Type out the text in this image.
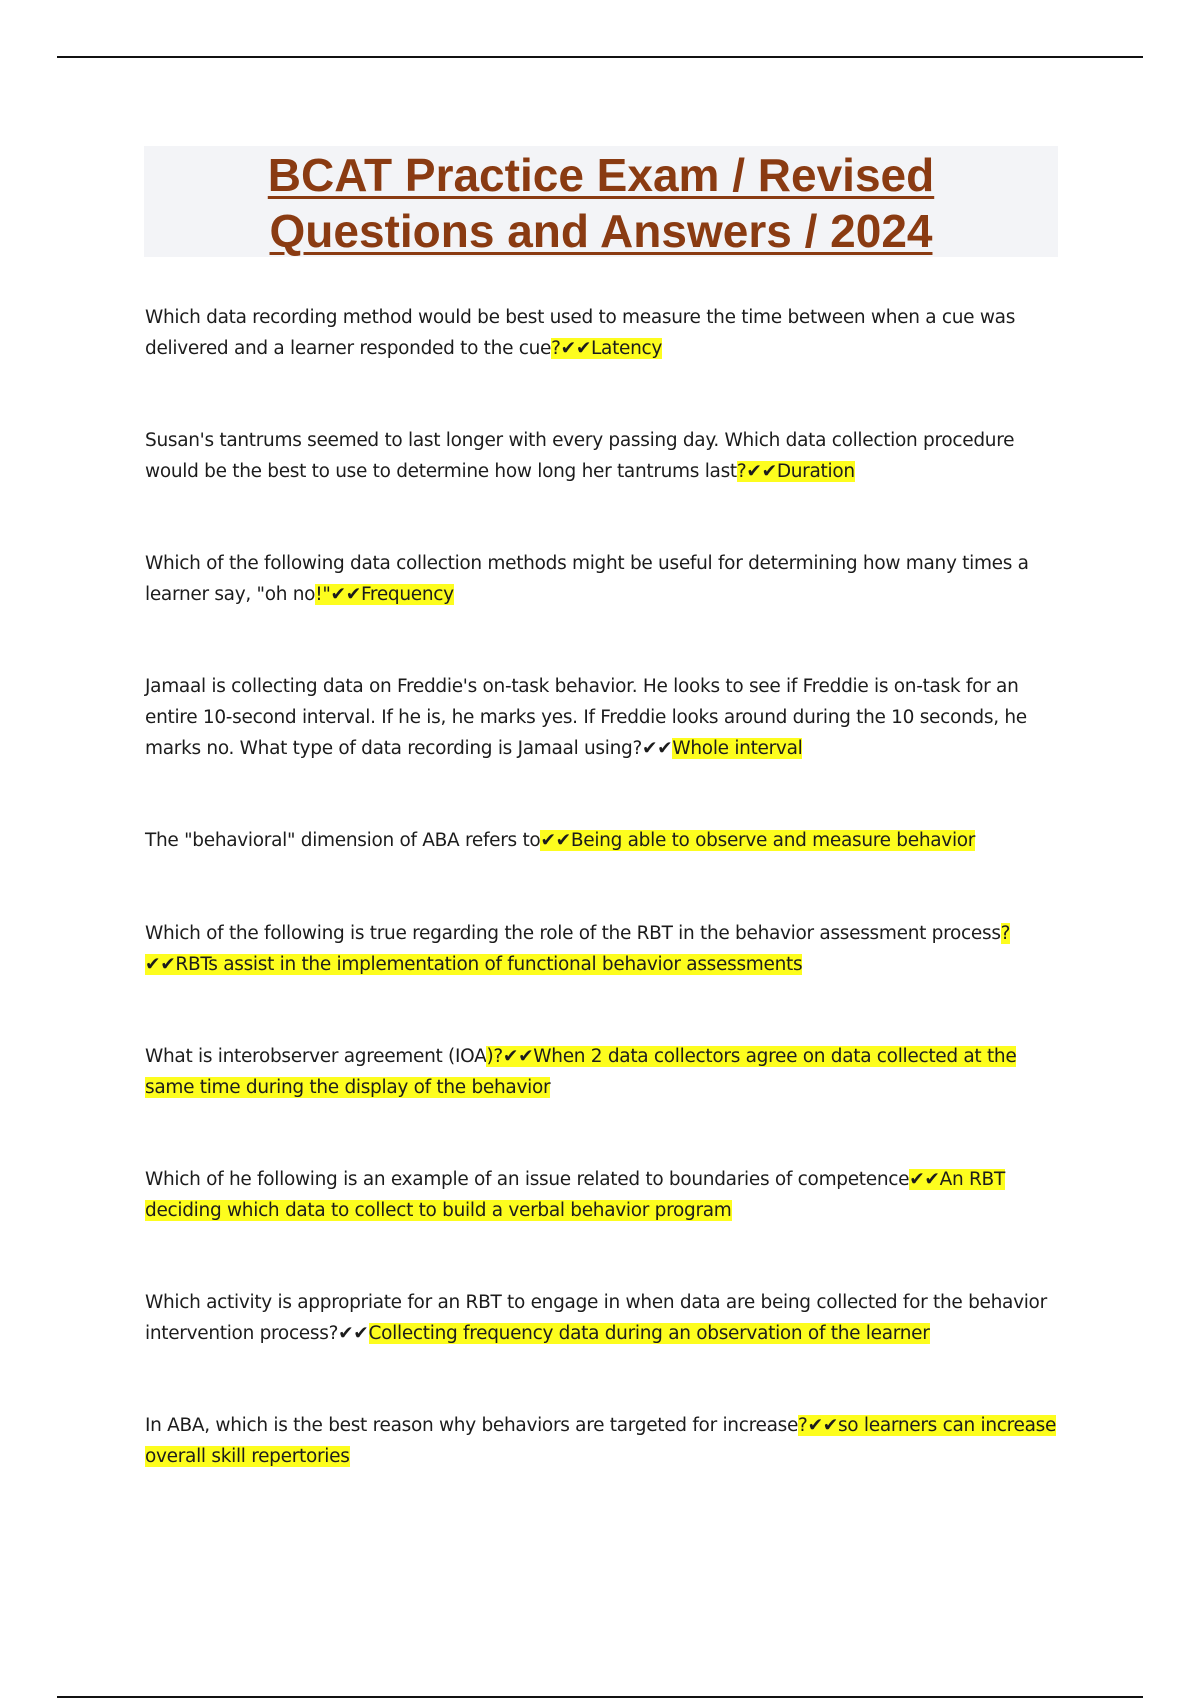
BCAT Practice Exam / Revised
Questions and Answers / 2024
Which data recording method would be best used to measure the time between when a cue was delivered and a learner responded to the cue?✔✔Latency
Susan's tantrums seemed to last longer with every passing day. Which data collection procedure would be the best to use to determine how long her tantrums last?✔✔Duration
Which of the following data collection methods might be useful for determining how many times a learner say, "oh no!"✔✔Frequency
Jamaal is collecting data on Freddie's on-task behavior. He looks to see if Freddie is on-task for an entire 10-second interval. If he is, he marks yes. If Freddie looks around during the 10 seconds, he marks no. What type of data recording is Jamaal using?✔✔Whole interval
The "behavioral" dimension of ABA refers to✔✔Being able to observe and measure behavior
Which of the following is true regarding the role of the RBT in the behavior assessment process?✔✔RBTs assist in the implementation of functional behavior assessments
What is interobserver agreement (IOA)?✔✔When 2 data collectors agree on data collected at the same time during the display of the behavior
Which of he following is an example of an issue related to boundaries of competence✔✔An RBT deciding which data to collect to build a verbal behavior program
Which activity is appropriate for an RBT to engage in when data are being collected for the behavior intervention process?✔✔Collecting frequency data during an observation of the learner
In ABA, which is the best reason why behaviors are targeted for increase?✔✔so learners can increase overall skill repertories
